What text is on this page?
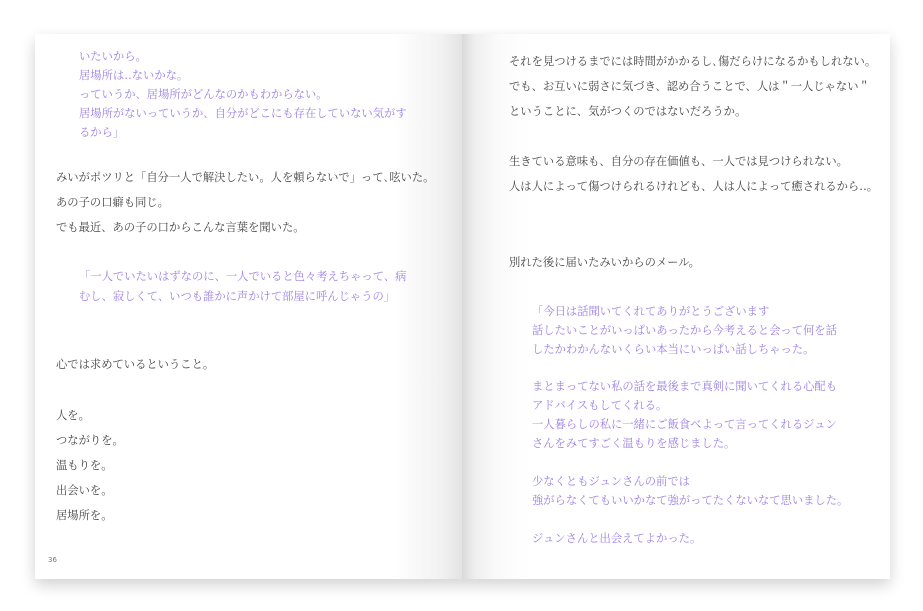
いたいから。
居場所は‥ないかな。
っていうか、居場所がどんなのかもわからない。
居場所がないっていうか、自分がどこにも存在していない気がす
るから」
みいがポツリと「自分一人で解決したい。人を頼らないで」って､呟いた。
あの子の口癖も同じ。
でも最近、あの子の口からこんな言葉を聞いた。
「一人でいたいはずなのに、一人でいると色々考えちゃって、病
むし、寂しくて、いつも誰かに声かけて部屋に呼んじゃうの」
心では求めているということ。
人を。
つながりを。
温もりを。
出会いを。
居場所を。
36
それを見つけるまでには時間がかかるし､傷だらけになるかもしれない。
でも、お互いに弱さに気づき、認め合うことで、人は＂一人じゃない＂
ということに、気がつくのではないだろうか。
生きている意味も、自分の存在価値も、一人では見つけられない。
人は人によって傷つけられるけれども、人は人によって癒されるから‥。
別れた後に届いたみいからのメール。
「今日は話聞いてくれてありがとうございます
話したいことがいっぱいあったから今考えると会って何を話
したかわかんないくらい本当にいっぱい話しちゃった。
まとまってない私の話を最後まで真剣に聞いてくれる心配も
アドバイスもしてくれる。
一人暮らしの私に一緒にご飯食べよって言ってくれるジュン
さんをみてすごく温もりを感じました。
少なくともジュンさんの前では
強がらなくてもいいかなて強がってたくないなて思いました。
ジュンさんと出会えてよかった。
